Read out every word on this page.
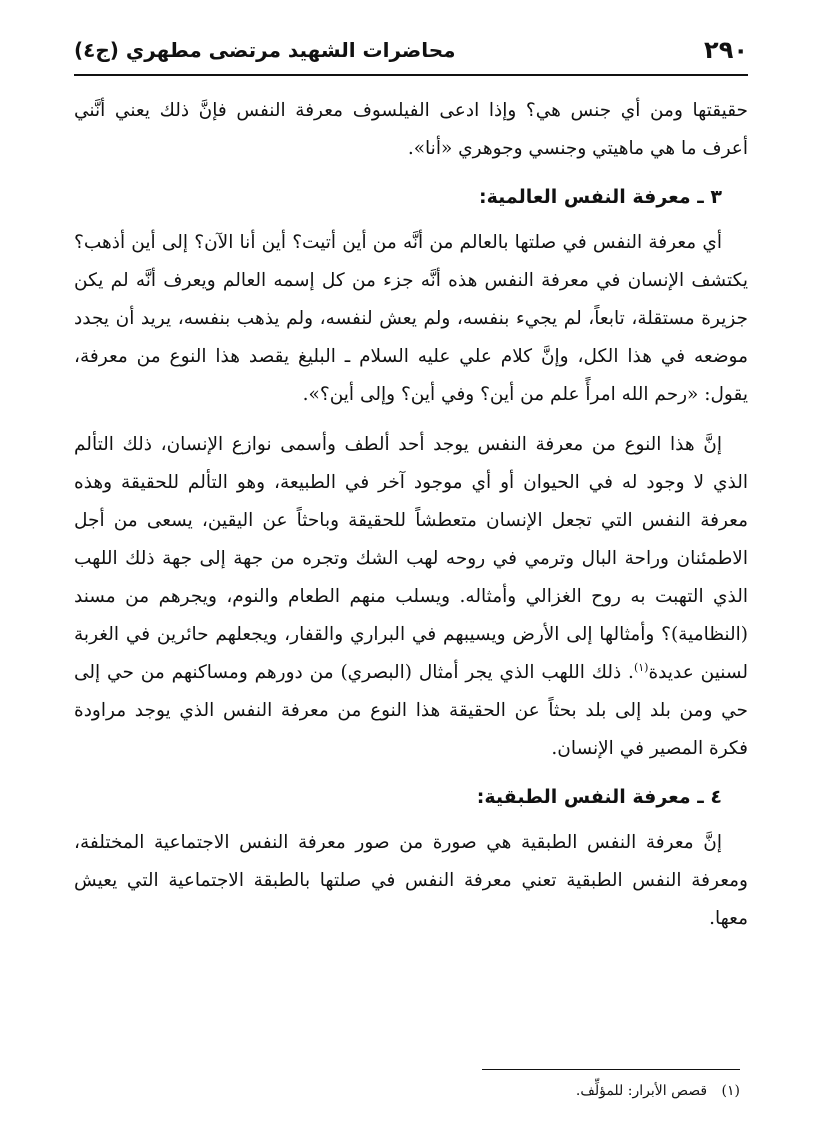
٢٩٠
محاضرات الشهيد مرتضى مطهري (ج٤)

حقيقتها ومن أي جنس هي؟ وإذا ادعى الفيلسوف معرفة النفس فإنَّ ذلك يعني أنَّني أعرف ما هي ماهيتي وجنسي وجوهري «أنا».

٣ ـ معرفة النفس العالمية:

أي معرفة النفس في صلتها بالعالم من أنَّه من أين أتيت؟ أين أنا الآن؟ إلى أين أذهب؟ يكتشف الإنسان في معرفة النفس هذه أنَّه جزء من كل إسمه العالم ويعرف أنَّه لم يكن جزيرة مستقلة، تابعاً، لم يجيء بنفسه، ولم يعش لنفسه، ولم يذهب بنفسه، يريد أن يجدد موضعه في هذا الكل، وإنَّ كلام علي عليه السلام ـ البليغ يقصد هذا النوع من معرفة، يقول: «رحم الله امرأً علم من أين؟ وفي أين؟ وإلى أين؟».

إنَّ هذا النوع من معرفة النفس يوجد أحد ألطف وأسمى نوازع الإنسان، ذلك التألم الذي لا وجود له في الحيوان أو أي موجود آخر في الطبيعة، وهو التألم للحقيقة وهذه معرفة النفس التي تجعل الإنسان متعطشاً للحقيقة وباحثاً عن اليقين، يسعى من أجل الاطمئنان وراحة البال وترمي في روحه لهب الشك وتجره من جهة إلى جهة ذلك اللهب الذي التهبت به روح الغزالي وأمثاله. ويسلب منهم الطعام والنوم، ويجرهم من مسند (النظامية)؟ وأمثالها إلى الأرض ويسيبهم في البراري والقفار، ويجعلهم حائرين في الغربة لسنين عديدة$^{(١)}$. ذلك اللهب الذي يجر أمثال (البصري) من دورهم ومساكنهم من حي إلى حي ومن بلد إلى بلد بحثاً عن الحقيقة هذا النوع من معرفة النفس الذي يوجد مراودة فكرة المصير في الإنسان.

٤ ـ معرفة النفس الطبقية:

إنَّ معرفة النفس الطبقية هي صورة من صور معرفة النفس الاجتماعية المختلفة، ومعرفة النفس الطبقية تعني معرفة النفس في صلتها بالطبقة الاجتماعية التي يعيش معها.

(١) قصص الأبرار: للمؤلِّف.
